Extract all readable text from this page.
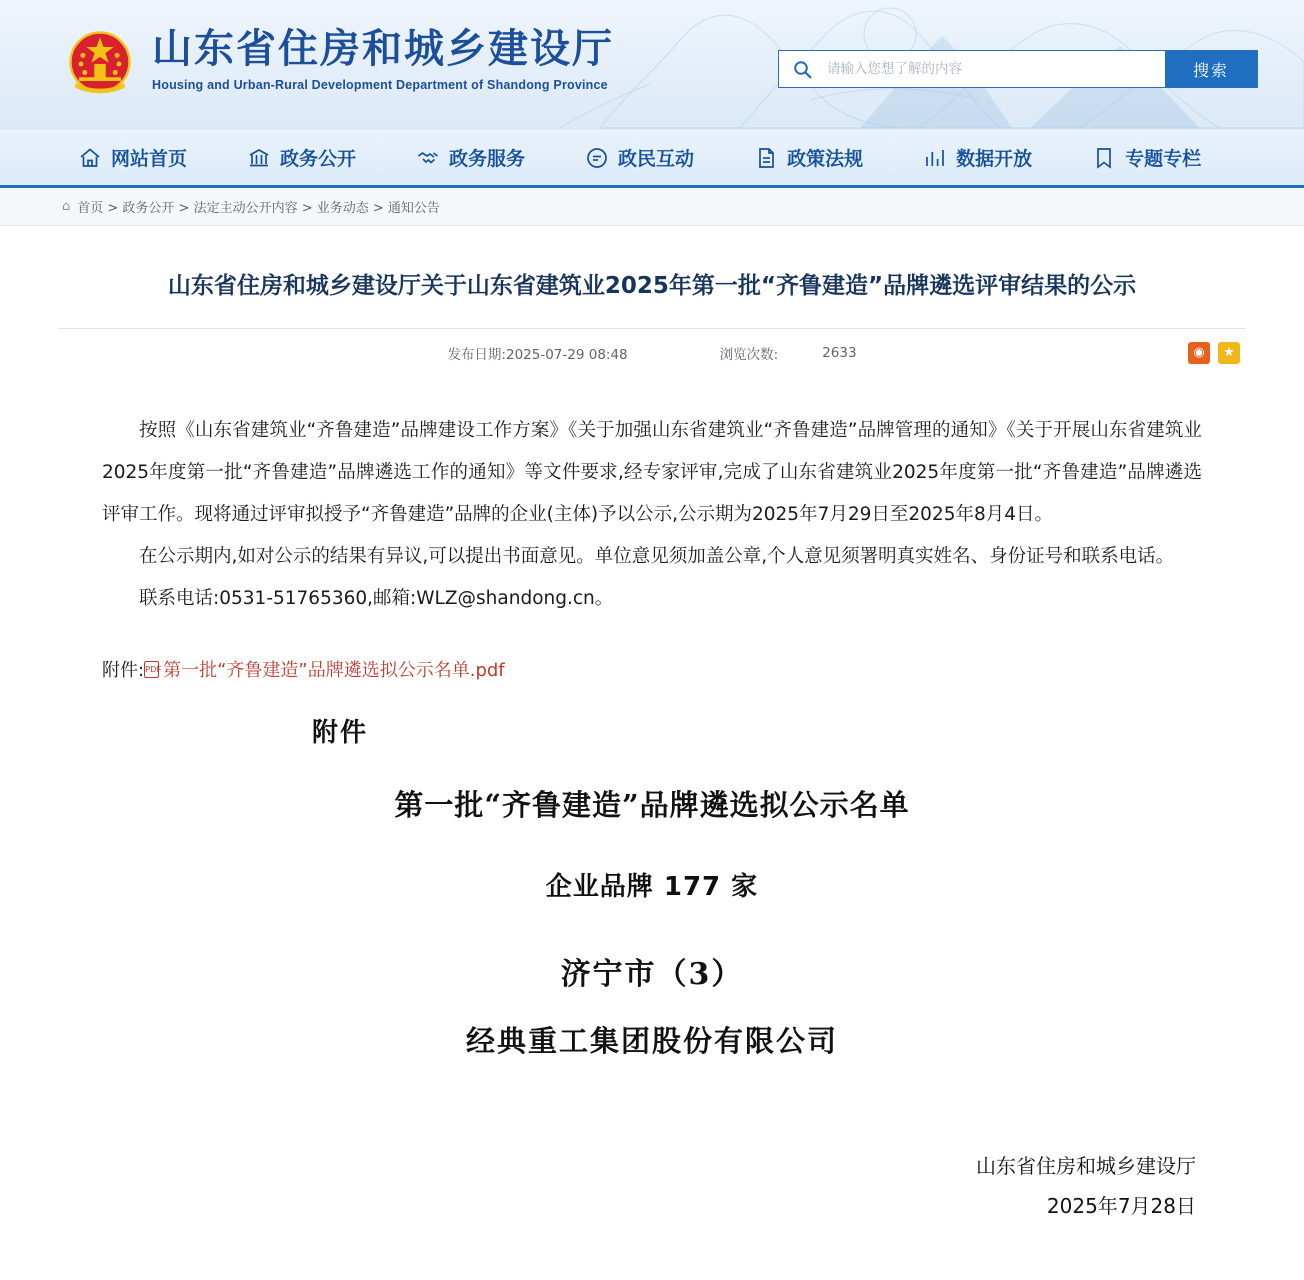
山东省住房和城乡建设厅
Housing and Urban-Rural Development Department of Shandong Province
请输入您想了解的内容
搜索
网站首页	政务公开	政务服务	政民互动	政策法规	数据开放	专题专栏
⌂ 首页 > 政务公开 > 法定主动公开内容 > 业务动态 > 通知公告
山东省住房和城乡建设厅关于山东省建筑业2025年第一批“齐鲁建造”品牌遴选评审结果的公示
发布日期:2025-07-29 08:48	浏览次数:	2633	◉	★

按照《山东省建筑业“齐鲁建造”品牌建设工作方案》《关于加强山东省建筑业“齐鲁建造”品牌管理的通知》《关于开展山东省建筑业2025年度第一批“齐鲁建造”品牌遴选工作的通知》等文件要求,经专家评审,完成了山东省建筑业2025年度第一批“齐鲁建造”品牌遴选评审工作。现将通过评审拟授予“齐鲁建造”品牌的企业(主体)予以公示,公示期为2025年7月29日至2025年8月4日。

在公示期内,如对公示的结果有异议,可以提出书面意见。单位意见须加盖公章,个人意见须署明真实姓名、身份证号和联系电话。

联系电话:0531-51765360,邮箱:WLZ@shandong.cn。

附件: PDF 第一批“齐鲁建造”品牌遴选拟公示名单.pdf
附件
第一批“齐鲁建造”品牌遴选拟公示名单
企业品牌 177 家
济宁市（3）
经典重工集团股份有限公司
山东省住房和城乡建设厅
2025年7月28日
